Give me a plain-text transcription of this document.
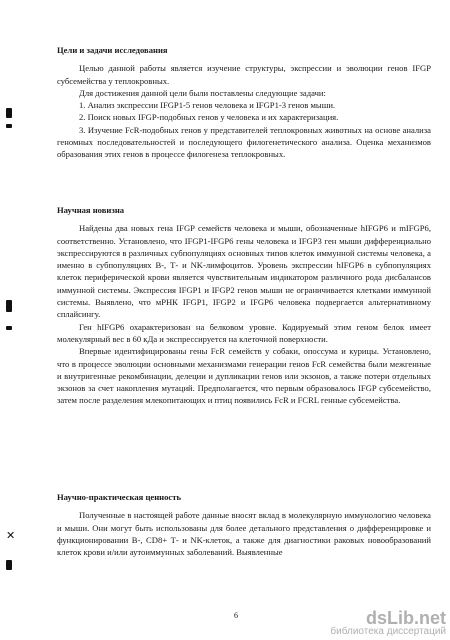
✕

Цели и задачи исследования

Целью данной работы является изучение структуры, экспрессии и эволюции генов IFGP субсемейства у теплокровных.

Для достижения данной цели были поставлены следующие задачи:

1. Анализ экспрессии IFGP1-5 генов человека и IFGP1-3 генов мыши.

2. Поиск новых IFGP-подобных генов у человека и их характеризация.

3. Изучение FcR-подобных генов у представителей теплокровных животных на основе анализа геномных последовательностей и последующего филогенетического анализа. Оценка механизмов образования этих генов в процессе филогенеза теплокровных.

Научная новизна

Найдены два новых гена IFGP семейств человека и мыши, обозначенные hIFGP6 и mIFGP6, соответственно. Установлено, что IFGP1-IFGP6 гены человека и IFGP3 ген мыши дифференциально экспрессируются в различных субпопуляциях основных типов клеток иммунной системы человека, а именно в субпопуляциях В-, Т- и NK-лимфоцитов. Уровень экспрессии hIFGP6 в субпопуляциях клеток периферической крови является чувствительным индикатором различного рода дисбалансов иммунной системы. Экспрессия IFGP1 и IFGP2 генов мыши не ограничивается клетками иммунной системы. Выявлено, что мРНК IFGP1, IFGP2 и IFGP6 человека подвергается альтернативному сплайсингу.

Ген hIFGP6 охарактеризован на белковом уровне. Кодируемый этим геном белок имеет молекулярный вес в 60 кДа и экспрессируется на клеточной поверхности.

Впервые идентифицированы гены FcR семейств у собаки, опоссума и курицы. Установлено, что в процессе эволюции основными механизмами генерации генов FcR семейства были межгенные и внутригенные рекомбинации, делеции и дупликации генов или экзонов, а также потери отдельных экзонов за счет накопления мутаций. Предполагается, что первым образовалось IFGP субсемейство, затем после разделения млекопитающих и птиц появились FcR и FCRL генные субсемейства.

Научно-практическая ценность

Полученные в настоящей работе данные вносят вклад в молекулярную иммунологию человека и мыши. Они могут быть использованы для более детального представления о дифференцировке и функционировании В-, CD8+ Т- и NK-клеток, а также для диагностики раковых новообразований клеток крови и/или аутоиммунных заболеваний. Выявленные

6	dsLib.net
библиотека диссертаций
